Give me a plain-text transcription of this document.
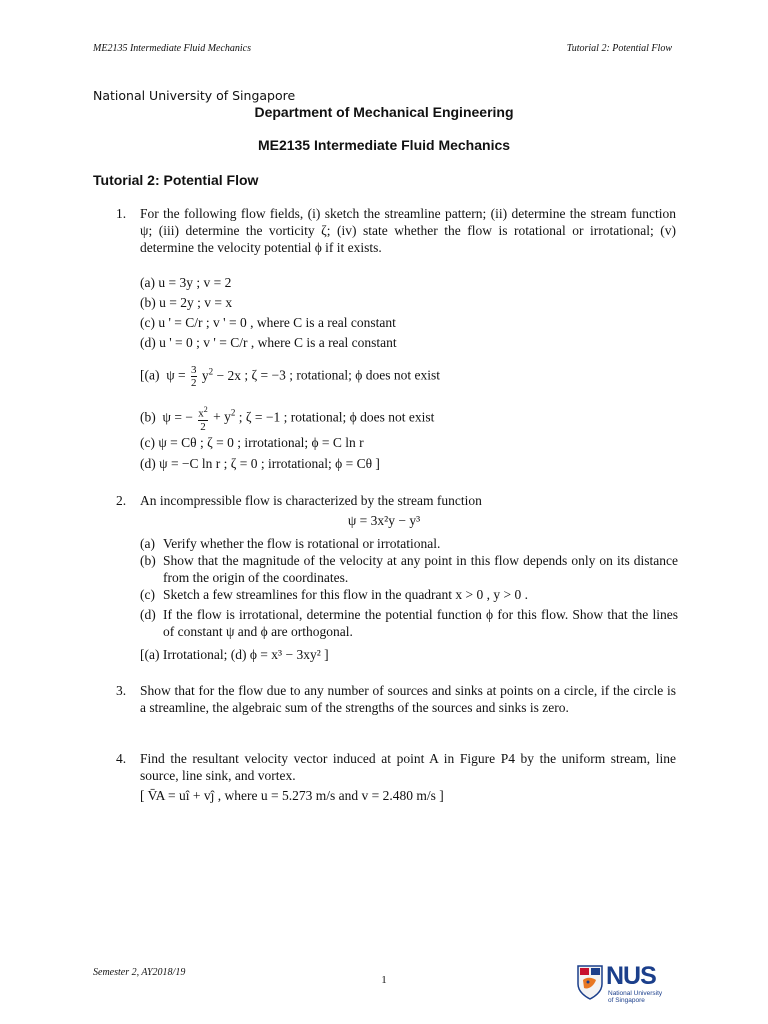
ME2135 Intermediate Fluid Mechanics	Tutorial 2: Potential Flow
National University of Singapore
Department of Mechanical Engineering
ME2135 Intermediate Fluid Mechanics
Tutorial 2: Potential Flow
1. For the following flow fields, (i) sketch the streamline pattern; (ii) determine the stream function ψ; (iii) determine the vorticity ζ; (iv) state whether the flow is rotational or irrotational; (v) determine the velocity potential ϕ if it exists.
(a) u = 3y ; v = 2
(b) u = 2y ; v = x
(c) u ' = C/r ; v ' = 0 , where C is a real constant
(d) u ' = 0 ; v ' = C/r , where C is a real constant
[(a)  $\psi = \frac{3}{2} y^2 - 2x$ ; ζ = −3 ; rotational; ϕ does not exist
(b)  ψ = − $\frac{x^2}{2} + y^2$ ; ζ = −1 ; rotational; ϕ does not exist
(c) ψ = Cθ ; ζ = 0 ; irrotational; ϕ = C ln r
(d) ψ = −C ln r ; ζ = 0 ; irrotational; ϕ = Cθ ]
2. An incompressible flow is characterized by the stream function
ψ = 3x²y − y³
(a) Verify whether the flow is rotational or irrotational.
(b) Show that the magnitude of the velocity at any point in this flow depends only on its distance from the origin of the coordinates.
(c) Sketch a few streamlines for this flow in the quadrant x > 0 , y > 0 .
(d) If the flow is irrotational, determine the potential function ϕ for this flow. Show that the lines of constant ψ and ϕ are orthogonal.
[(a) Irrotational; (d) ϕ = x³ − 3xy² ]
3. Show that for the flow due to any number of sources and sinks at points on a circle, if the circle is a streamline, the algebraic sum of the strengths of the sources and sinks is zero.
4. Find the resultant velocity vector induced at point A in Figure P4 by the uniform stream, line source, line sink, and vortex.
[ V̄A = uî + vĵ , where u = 5.273 m/s and v = 2.480 m/s ]
Semester 2, AY2018/19
1	NUS
National University of Singapore
